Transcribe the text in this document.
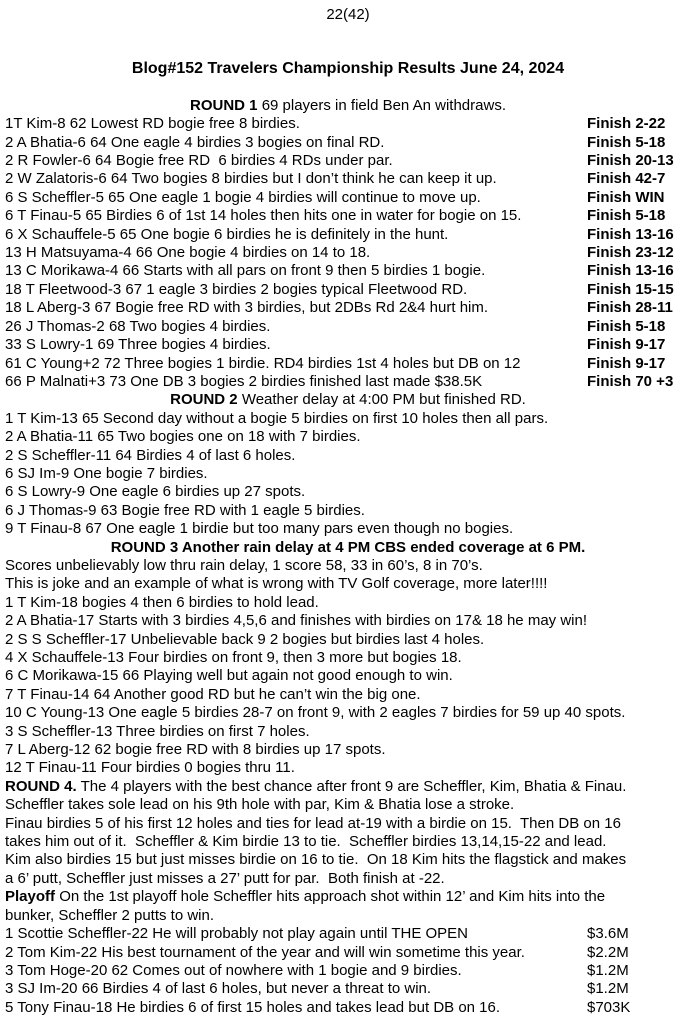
22(42)
Blog#152 Travelers Championship Results June 24, 2024
ROUND 1 69 players in field Ben An withdraws.
1T Kim-8 62 Lowest RD bogie free 8 birdies.	Finish 2-22
2 A Bhatia-6 64 One eagle 4 birdies 3 bogies on final RD.	Finish 5-18
2 R Fowler-6 64 Bogie free RD  6 birdies 4 RDs under par.	Finish 20-13
2 W Zalatoris-6 64 Two bogies 8 birdies but I don’t think he can keep it up.	Finish 42-7
6 S Scheffler-5 65 One eagle 1 bogie 4 birdies will continue to move up.	Finish WIN
6 T Finau-5 65 Birdies 6 of 1st 14 holes then hits one in water for bogie on 15.	Finish 5-18
6 X Schauffele-5 65 One bogie 6 birdies he is definitely in the hunt.	Finish 13-16
13 H Matsuyama-4 66 One bogie 4 birdies on 14 to 18.	Finish 23-12
13 C Morikawa-4 66 Starts with all pars on front 9 then 5 birdies 1 bogie.	Finish 13-16
18 T Fleetwood-3 67 1 eagle 3 birdies 2 bogies typical Fleetwood RD.	Finish 15-15
18 L Aberg-3 67 Bogie free RD with 3 birdies, but 2DBs Rd 2&4 hurt him.	Finish 28-11
26 J Thomas-2 68 Two bogies 4 birdies.	Finish 5-18
33 S Lowry-1 69 Three bogies 4 birdies.	Finish 9-17
61 C Young+2 72 Three bogies 1 birdie. RD4 birdies 1st 4 holes but DB on 12	Finish 9-17
66 P Malnati+3 73 One DB 3 bogies 2 birdies finished last made $38.5K	Finish 70 +3
ROUND 2 Weather delay at 4:00 PM but finished RD.
1 T Kim-13 65 Second day without a bogie 5 birdies on first 10 holes then all pars.
2 A Bhatia-11 65 Two bogies one on 18 with 7 birdies.
2 S Scheffler-11 64 Birdies 4 of last 6 holes.
6 SJ Im-9 One bogie 7 birdies.
6 S Lowry-9 One eagle 6 birdies up 27 spots.
6 J Thomas-9 63 Bogie free RD with 1 eagle 5 birdies.
9 T Finau-8 67 One eagle 1 birdie but too many pars even though no bogies.
ROUND 3 Another rain delay at 4 PM CBS ended coverage at 6 PM.
Scores unbelievably low thru rain delay, 1 score 58, 33 in 60’s, 8 in 70’s.
This is joke and an example of what is wrong with TV Golf coverage, more later!!!!
1 T Kim-18 bogies 4 then 6 birdies to hold lead.
2 A Bhatia-17 Starts with 3 birdies 4,5,6 and finishes with birdies on 17& 18 he may win!
2 S S Scheffler-17 Unbelievable back 9 2 bogies but birdies last 4 holes.
4 X Schauffele-13 Four birdies on front 9, then 3 more but bogies 18.
6 C Morikawa-15 66 Playing well but again not good enough to win.
7 T Finau-14 64 Another good RD but he can’t win the big one.
10 C Young-13 One eagle 5 birdies 28-7 on front 9, with 2 eagles 7 birdies for 59 up 40 spots.
3 S Scheffler-13 Three birdies on first 7 holes.
7 L Aberg-12 62 bogie free RD with 8 birdies up 17 spots.
12 T Finau-11 Four birdies 0 bogies thru 11.
ROUND 4. The 4 players with the best chance after front 9 are Scheffler, Kim, Bhatia & Finau.
Scheffler takes sole lead on his 9th hole with par, Kim & Bhatia lose a stroke.
Finau birdies 5 of his first 12 holes and ties for lead at-19 with a birdie on 15.  Then DB on 16
takes him out of it.  Scheffler & Kim birdie 13 to tie.  Scheffler birdies 13,14,15-22 and lead.
Kim also birdies 15 but just misses birdie on 16 to tie.  On 18 Kim hits the flagstick and makes
a 6’ putt, Scheffler just misses a 27’ putt for par.  Both finish at -22.
Playoff On the 1st playoff hole Scheffler hits approach shot within 12’ and Kim hits into the
bunker, Scheffler 2 putts to win.
1 Scottie Scheffler-22 He will probably not play again until THE OPEN	$3.6M
2 Tom Kim-22 His best tournament of the year and will win sometime this year.	$2.2M
3 Tom Hoge-20 62 Comes out of nowhere with 1 bogie and 9 birdies.	$1.2M
3 SJ Im-20 66 Birdies 4 of last 6 holes, but never a threat to win.	$1.2M
5 Tony Finau-18 He birdies 6 of first 15 holes and takes lead but DB on 16.	$703K
